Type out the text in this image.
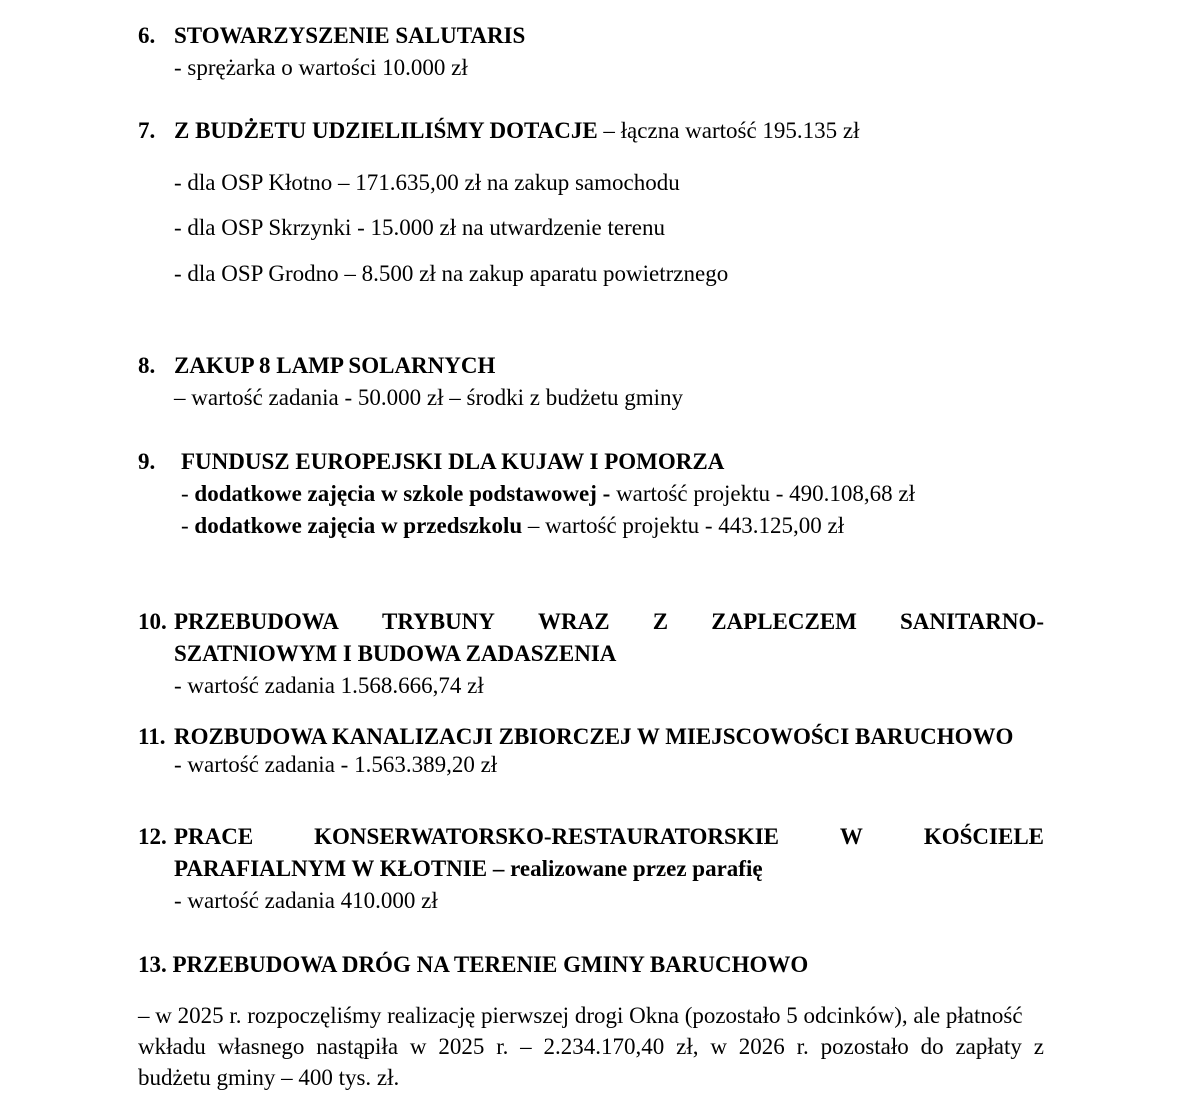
6. STOWARZYSZENIE SALUTARIS
- sprężarka o wartości 10.000 zł
7. Z BUDŻETU UDZIELILIŚMY DOTACJE – łączna wartość 195.135 zł
- dla OSP Kłotno – 171.635,00 zł na zakup samochodu
- dla OSP Skrzynki - 15.000 zł na utwardzenie terenu
- dla OSP Grodno – 8.500 zł na zakup aparatu powietrznego
8. ZAKUP 8 LAMP SOLARNYCH
– wartość zadania - 50.000 zł – środki z budżetu gminy
9. FUNDUSZ EUROPEJSKI DLA KUJAW I POMORZA
- dodatkowe zajęcia w szkole podstawowej - wartość projektu - 490.108,68 zł
- dodatkowe zajęcia w przedszkolu – wartość projektu - 443.125,00 zł
10. PRZEBUDOWA TRYBUNY WRAZ Z ZAPLECZEM SANITARNO-
SZATNIOWYM I BUDOWA ZADASZENIA
- wartość zadania 1.568.666,74 zł
11. ROZBUDOWA KANALIZACJI ZBIORCZEJ W MIEJSCOWOŚCI BARUCHOWO
- wartość zadania - 1.563.389,20 zł
12. PRACE	KONSERWATORSKO-RESTAURATORSKIE	W	KOŚCIELE
PARAFIALNYM W KŁOTNIE – realizowane przez parafię
- wartość zadania 410.000 zł
13. PRZEBUDOWA DRÓG NA TERENIE GMINY BARUCHOWO
– w 2025 r. rozpoczęliśmy realizację pierwszej drogi Okna (pozostało 5 odcinków), ale płatność
wkładu własnego nastąpiła w 2025 r. – 2.234.170,40 zł, w 2026 r. pozostało do zapłaty z
budżetu gminy – 400 tys. zł.
